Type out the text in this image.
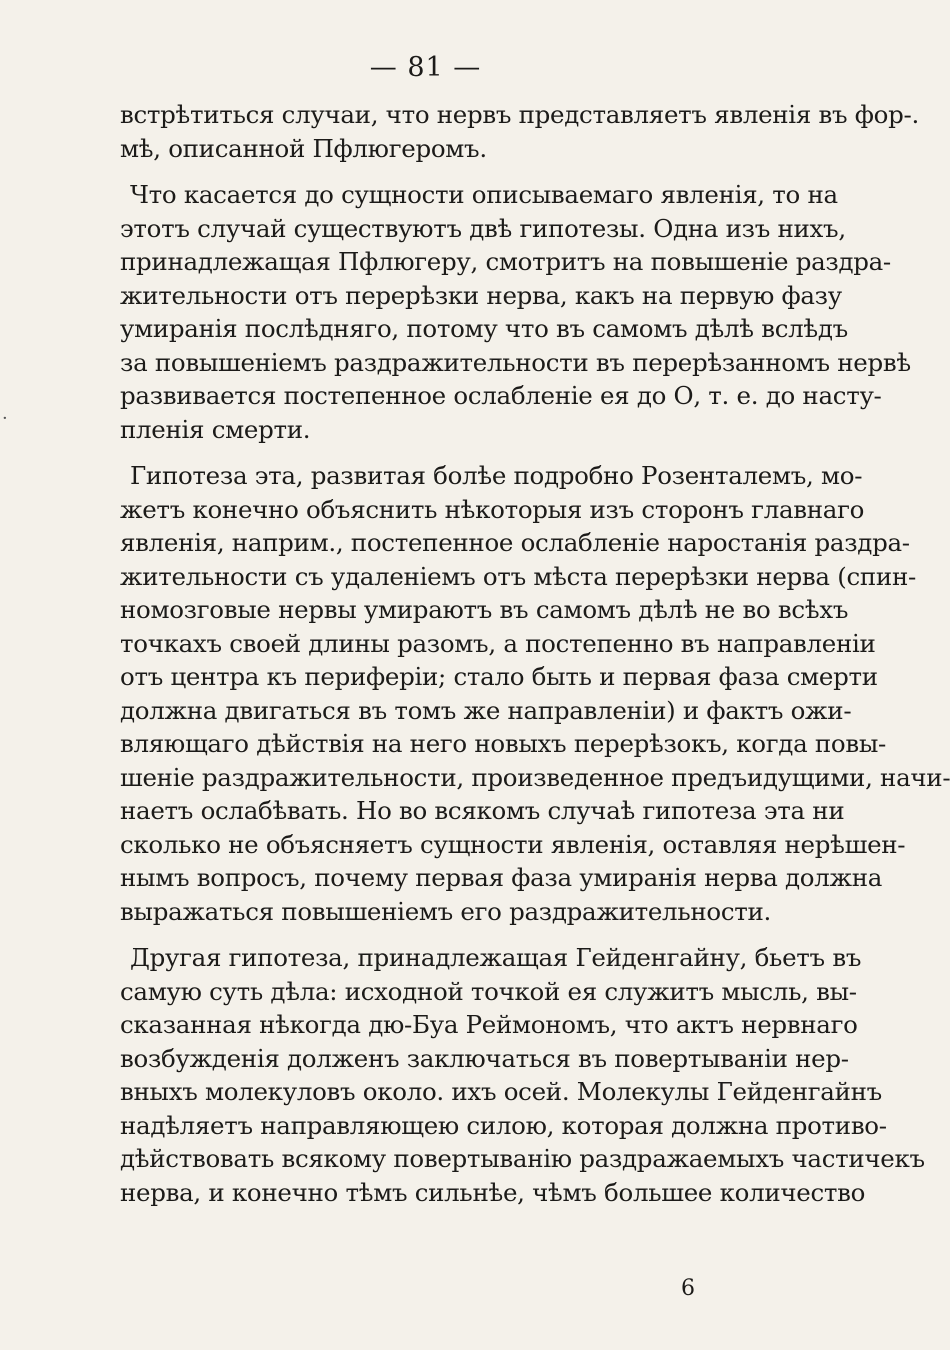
— 81 —
·

встрѣтиться случаи, что нервъ представляетъ явленія въ фор-.
мѣ, описанной Пфлюгеромъ.

Что касается до сущности описываемаго явленія, то на
этотъ случай существуютъ двѣ гипотезы. Одна изъ нихъ,
принадлежащая Пфлюгеру, смотритъ на повышеніе раздра-
жительности отъ перерѣзки нерва, какъ на первую фазу
умиранія послѣдняго, потому что въ самомъ дѣлѣ вслѣдъ
за повышеніемъ раздражительности въ перерѣзанномъ нервѣ
развивается постепенное ослабленіе ея до О, т. е. до насту-
пленія смерти.

Гипотеза эта, развитая болѣе подробно Розенталемъ, мо-
жетъ конечно объяснить нѣкоторыя изъ сторонъ главнаго
явленія, наприм., постепенное ослабленіе наростанія раздра-
жительности съ удаленіемъ отъ мѣста перерѣзки нерва (спин-
номозговые нервы умираютъ въ самомъ дѣлѣ не во всѣхъ
точкахъ своей длины разомъ, а постепенно въ направленіи
отъ центра къ периферіи; стало быть и первая фаза смерти
должна двигаться въ томъ же направленіи) и фактъ ожи-
вляющаго дѣйствія на него новыхъ перерѣзокъ, когда повы-
шеніе раздражительности, произведенное предъидущими, начи-
наетъ ослабѣвать. Но во всякомъ случаѣ гипотеза эта ни
сколько не объясняетъ сущности явленія, оставляя нерѣшен-
нымъ вопросъ, почему первая фаза умиранія нерва должна
выражаться повышеніемъ его раздражительности.

Другая гипотеза, принадлежащая Гейденгайну, бьетъ въ
самую суть дѣла: исходной точкой ея служитъ мысль, вы-
сказанная нѣкогда дю-Буа Реймономъ, что актъ нервнаго
возбужденія долженъ заключаться въ повертываніи нер-
вныхъ молекуловъ около. ихъ осей. Молекулы Гейденгайнъ
надѣляетъ направляющею силою, которая должна противо-
дѣйствовать всякому повертыванію раздражаемыхъ частичекъ
нерва, и конечно тѣмъ сильнѣе, чѣмъ большее количество

6
